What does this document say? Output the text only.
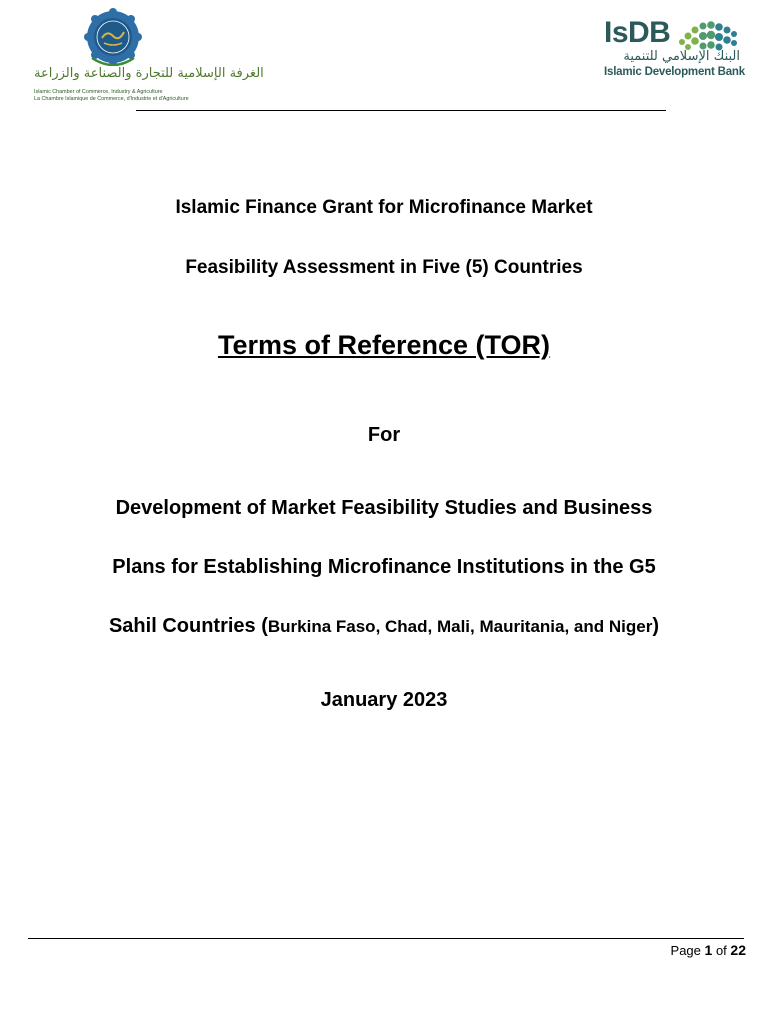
الغرفة الإسلامية للتجارة والصناعة والزراعة
Islamic Chamber of Commerce, Industry & Agriculture
La Chambre Islamique de Commerce, d'Industrie et d'Agriculture
IsDB
البنك الإسلامي للتنمية
Islamic Development Bank
Islamic Finance Grant for Microfinance Market
Feasibility Assessment in Five (5) Countries
Terms of Reference (TOR)
For
Development of Market Feasibility Studies and Business
Plans for Establishing Microfinance Institutions in the G5
Sahil Countries (Burkina Faso, Chad, Mali, Mauritania, and Niger)
January 2023
Page 1 of 22
